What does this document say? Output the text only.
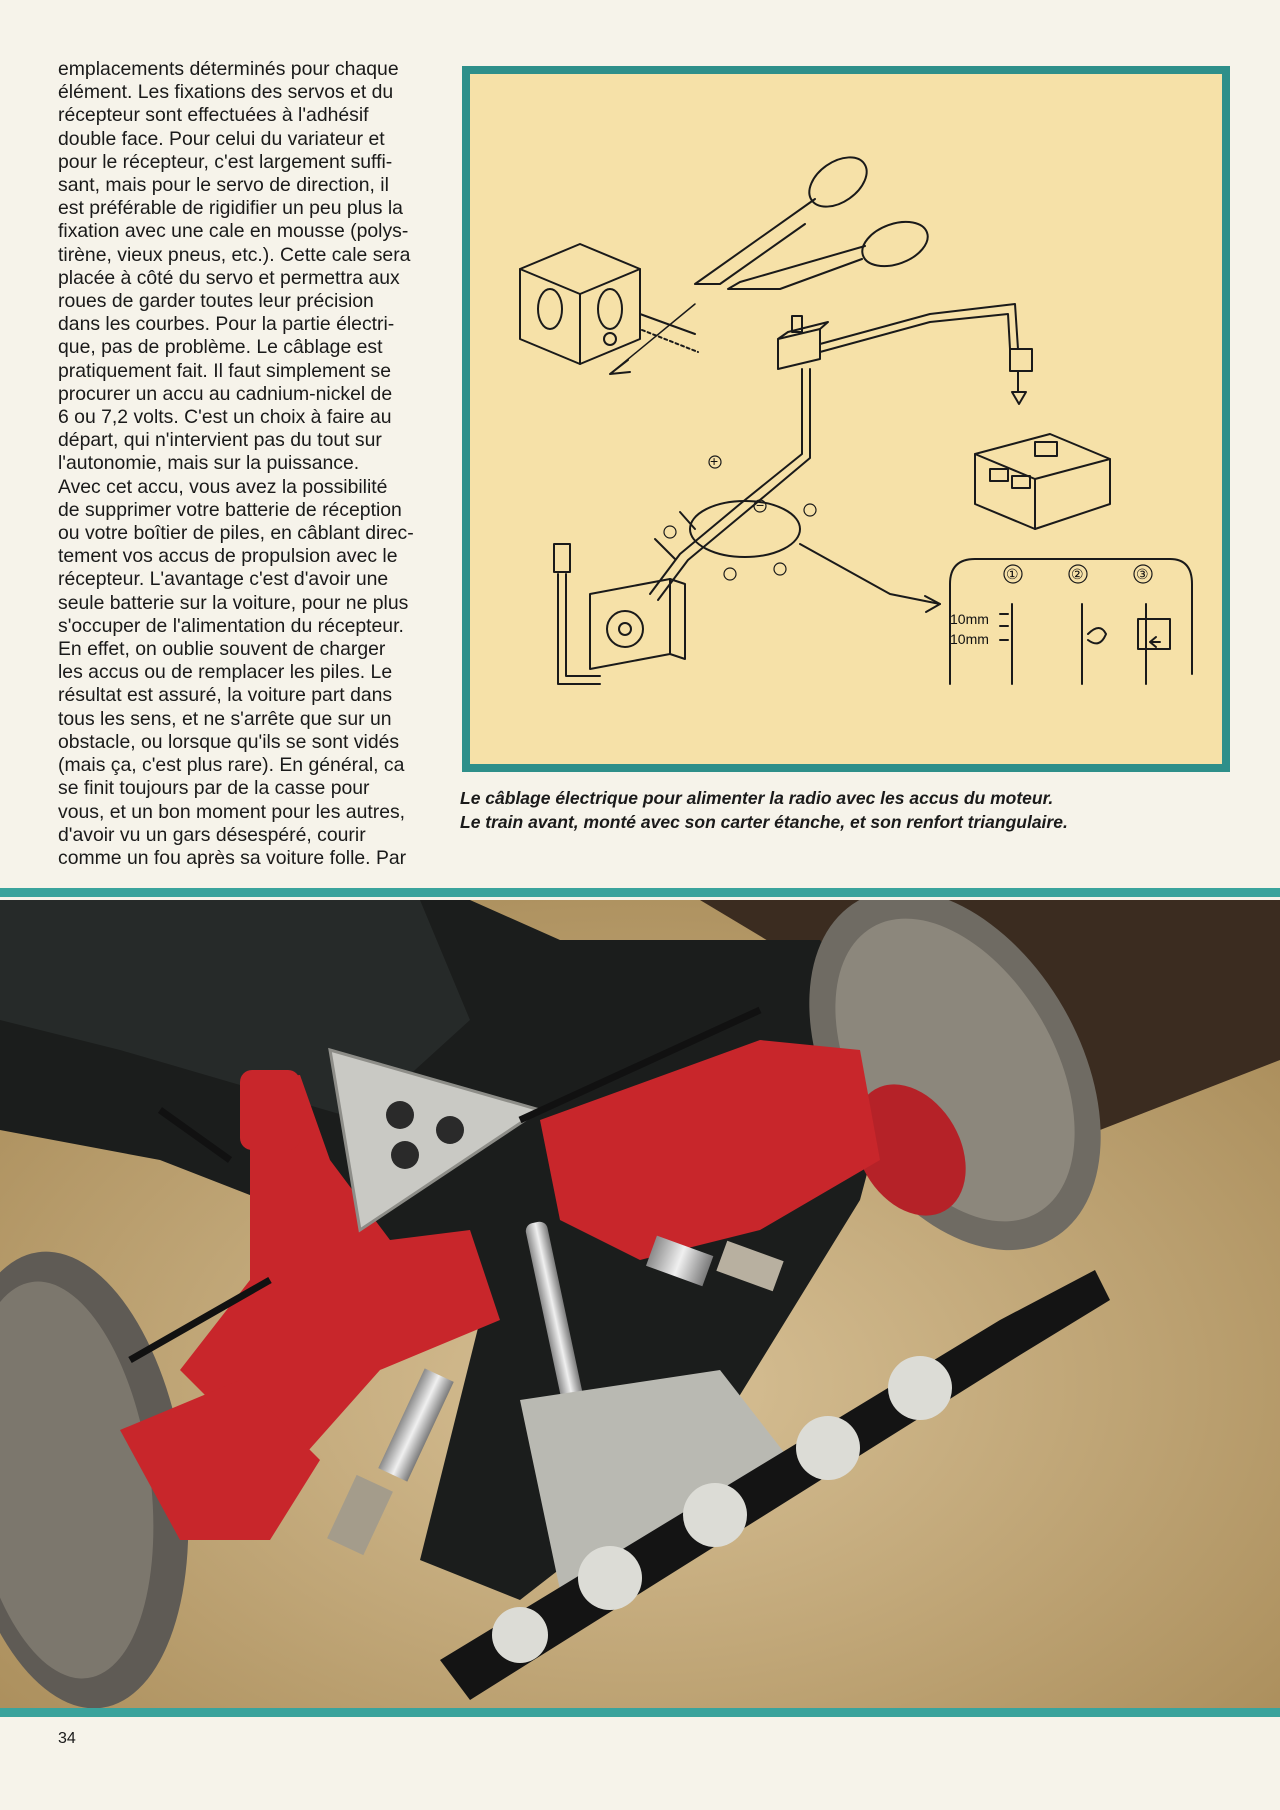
emplacements déterminés pour chaque

élément. Les fixations des servos et du

récepteur sont effectuées à l'adhésif

double face. Pour celui du variateur et

pour le récepteur, c'est largement suffi-

sant, mais pour le servo de direction, il

est préférable de rigidifier un peu plus la

fixation avec une cale en mousse (polys-

tirène, vieux pneus, etc.). Cette cale sera

placée à côté du servo et permettra aux

roues de garder toutes leur précision

dans les courbes. Pour la partie électri-

que, pas de problème. Le câblage est

pratiquement fait. Il faut simplement se

procurer un accu au cadnium-nickel de

6 ou 7,2 volts. C'est un choix à faire au

départ, qui n'intervient pas du tout sur

l'autonomie, mais sur la puissance.

Avec cet accu, vous avez la possibilité

de supprimer votre batterie de réception

ou votre boîtier de piles, en câblant direc-

tement vos accus de propulsion avec le

récepteur. L'avantage c'est d'avoir une

seule batterie sur la voiture, pour ne plus

s'occuper de l'alimentation du récepteur.

En effet, on oublie souvent de charger

les accus ou de remplacer les piles. Le

résultat est assuré, la voiture part dans

tous les sens, et ne s'arrête que sur un

obstacle, ou lorsque qu'ils se sont vidés

(mais ça, c'est plus rare). En général, ca

se finit toujours par de la casse pour

vous, et un bon moment pour les autres,

d'avoir vu un gars désespéré, courir

comme un fou après sa voiture folle. Par

+
−
①	②	③
10mm
10mm
Le câblage électrique pour alimenter la radio avec les accus du moteur.
Le train avant, monté avec son carter étanche, et son renfort triangulaire.
34
